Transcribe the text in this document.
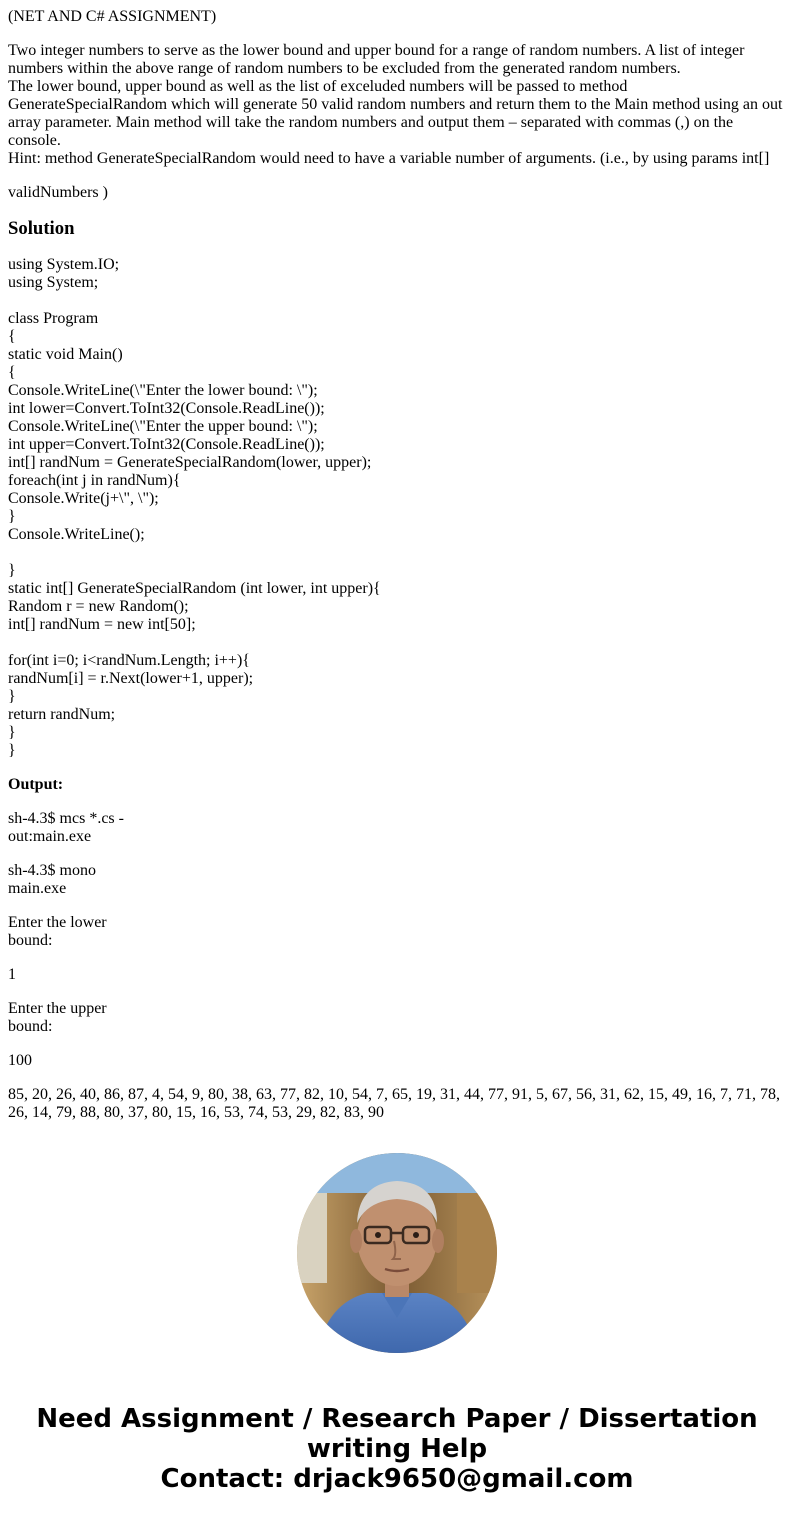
(NET AND C# ASSIGNMENT)

Two integer numbers to serve as the lower bound and upper bound for a range of random numbers. A list of integer
numbers within the above range of random numbers to be excluded from the generated random numbers.
The lower bound, upper bound as well as the list of exceluded numbers will be passed to method
GenerateSpecialRandom which will generate 50 valid random numbers and return them to the Main method using an out
array parameter. Main method will take the random numbers and output them – separated with commas (,) on the
console.
Hint: method GenerateSpecialRandom would need to have a variable number of arguments. (i.e., by using params int[]

validNumbers )

Solution

using System.IO;
using System;
class Program
{
static void Main()
{
Console.WriteLine(\"Enter the lower bound: \");
int lower=Convert.ToInt32(Console.ReadLine());
Console.WriteLine(\"Enter the upper bound: \");
int upper=Convert.ToInt32(Console.ReadLine());
int[] randNum = GenerateSpecialRandom(lower, upper);
foreach(int j in randNum){
Console.Write(j+\", \");
}
Console.WriteLine();
}
static int[] GenerateSpecialRandom (int lower, int upper){
Random r = new Random();
int[] randNum = new int[50];
for(int i=0; i<randNum.Length; i++){
randNum[i] = r.Next(lower+1, upper);
}
return randNum;
}
}

Output:

sh-4.3$ mcs *.cs -
out:main.exe

sh-4.3$ mono
main.exe

Enter the lower
bound:

1

Enter the upper
bound:

100

85, 20, 26, 40, 86, 87, 4, 54, 9, 80, 38, 63, 77, 82, 10, 54, 7, 65, 19, 31, 44, 77, 91, 5, 67, 56, 31, 62, 15, 49, 16, 7, 71, 78,
26, 14, 79, 88, 80, 37, 80, 15, 16, 53, 74, 53, 29, 82, 83, 90

Need Assignment / Research Paper / Dissertation
writing Help
Contact: drjack9650@gmail.com
